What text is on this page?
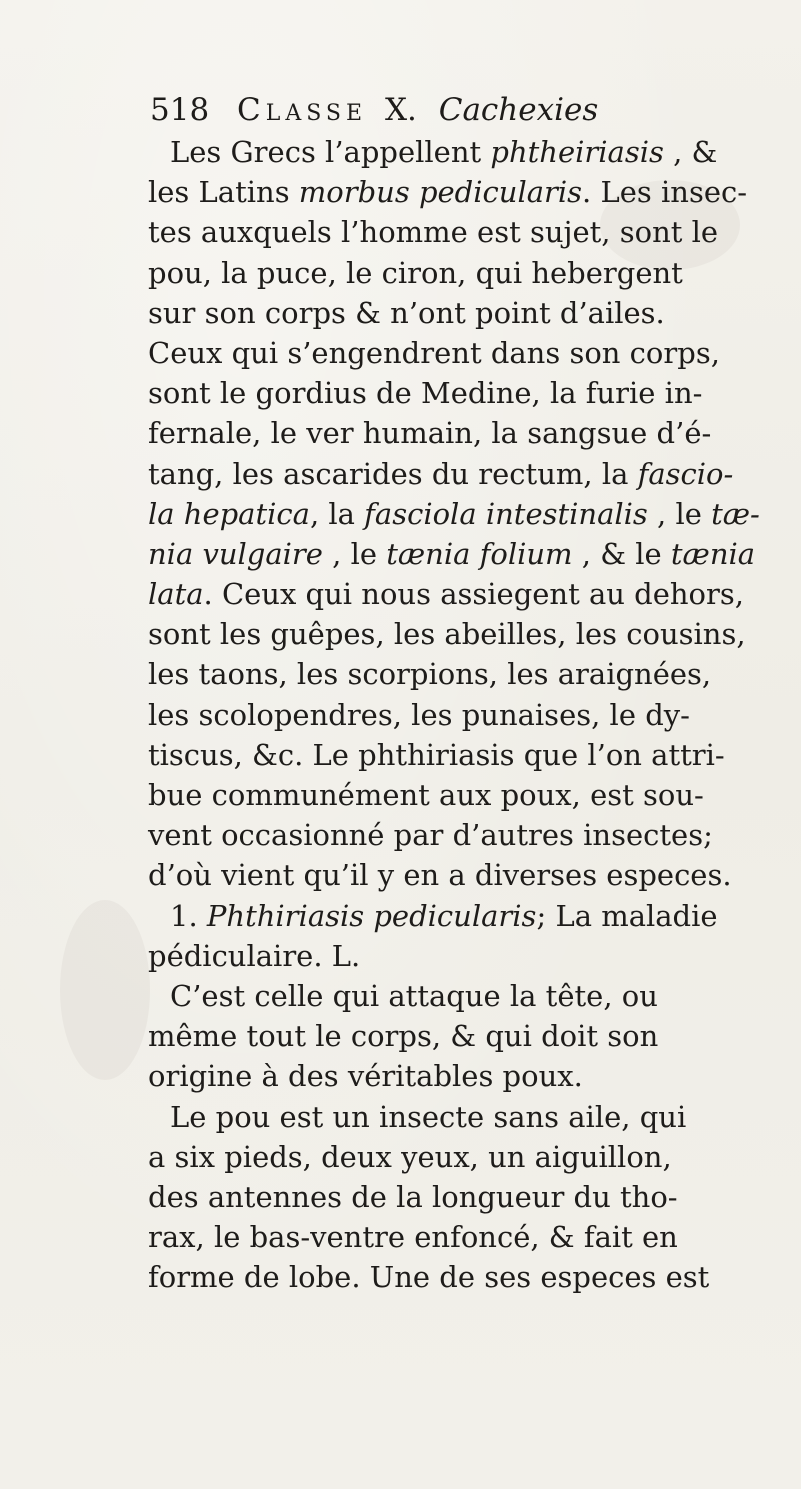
518 Classe X. Cachexies
Les Grecs l’appellent phtheiriasis , &
les Latins morbus pedicularis. Les insec-
tes auxquels l’homme est sujet, sont le
pou, la puce, le ciron, qui hebergent
sur son corps & n’ont point d’ailes.
Ceux qui s’engendrent dans son corps,
sont le gordius de Medine, la furie in-
fernale, le ver humain, la sangsue d’é-
tang, les ascarides du rectum, la fascio-
la hepatica, la fasciola intestinalis , le tæ-
nia vulgaire , le tænia folium , & le tænia
lata. Ceux qui nous assiegent au dehors,
sont les guêpes, les abeilles, les cousins,
les taons, les scorpions, les araignées,
les scolopendres, les punaises, le dy-
tiscus, &c. Le phthiriasis que l’on attri-
bue communément aux poux, est sou-
vent occasionné par d’autres insectes;
d’où vient qu’il y en a diverses especes.
1. Phthiriasis pedicularis; La maladie
pédiculaire. L.
C’est celle qui attaque la tête, ou
même tout le corps, & qui doit son
origine à des véritables poux.
Le pou est un insecte sans aile, qui
a six pieds, deux yeux, un aiguillon,
des antennes de la longueur du tho-
rax, le bas-ventre enfoncé, & fait en
forme de lobe. Une de ses especes est
